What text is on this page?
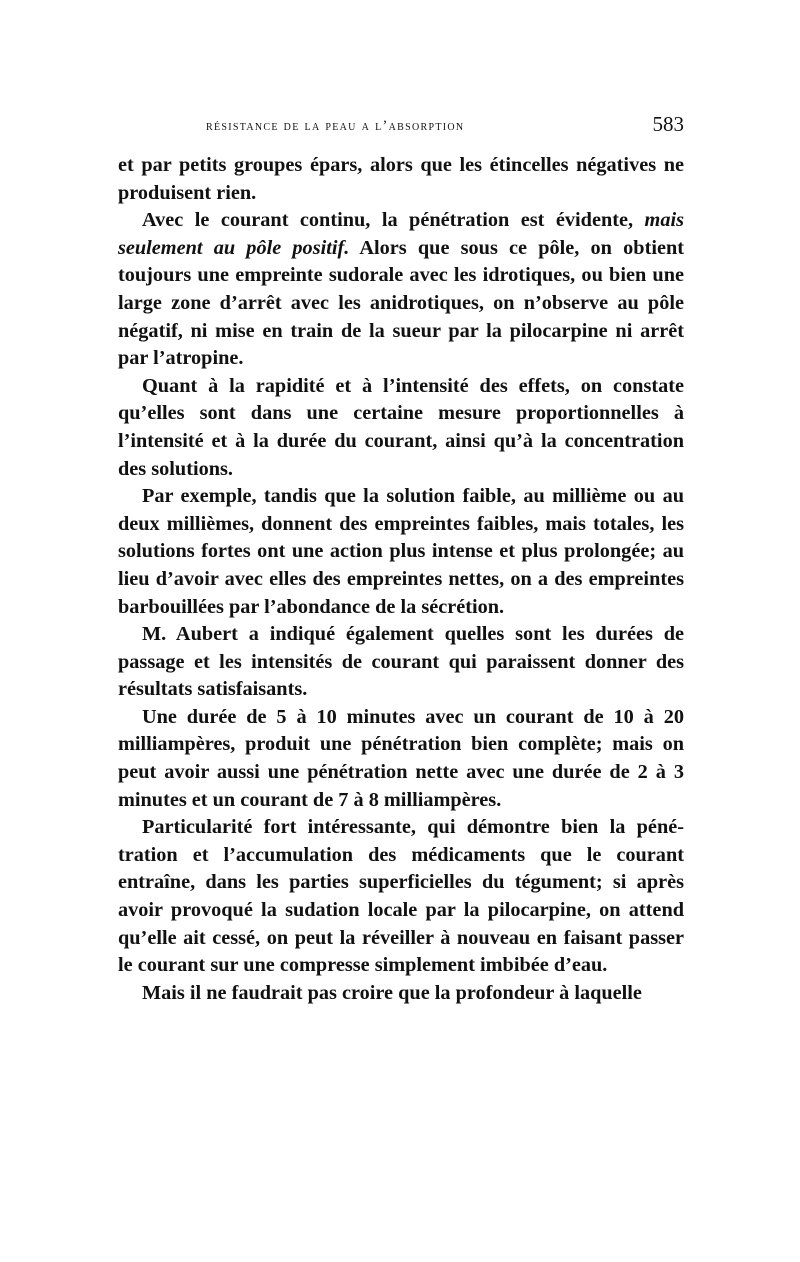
résistance de la peau a l’absorption	583

et par petits groupes épars, alors que les étincelles négatives ne produisent rien.

Avec le courant continu, la pénétration est évidente, mais seulement au pôle positif. Alors que sous ce pôle, on obtient toujours une empreinte sudorale avec les idrotiques, ou bien une large zone d’arrêt avec les anidrotiques, on n’observe au pôle négatif, ni mise en train de la sueur par la pilocarpine ni arrêt par l’atropine.

Quant à la rapidité et à l’intensité des effets, on constate qu’elles sont dans une certaine mesure proportionnelles à l’intensité et à la durée du courant, ainsi qu’à la concentration des solutions.

Par exemple, tandis que la solution faible, au millième ou au deux millièmes, donnent des empreintes faibles, mais totales, les solutions fortes ont une action plus intense et plus prolongée; au lieu d’avoir avec elles des empreintes nettes, on a des empreintes barbouillées par l’abondance de la sécrétion.

M. Aubert a indiqué également quelles sont les durées de passage et les intensités de courant qui paraissent donner des résultats satisfaisants.

Une durée de 5 à 10 minutes avec un courant de 10 à 20 milliampères, produit une pénétration bien complète; mais on peut avoir aussi une pénétration nette avec une durée de 2 à 3 minutes et un courant de 7 à 8 milliampères.

Particularité fort intéressante, qui démontre bien la pénétration et l’accumulation des médicaments que le courant entraîne, dans les parties superficielles du tégument; si après avoir provoqué la sudation locale par la pilocarpine, on attend qu’elle ait cessé, on peut la réveiller à nouveau en faisant passer le courant sur une compresse simplement imbibée d’eau.

Mais il ne faudrait pas croire que la profondeur à laquelle
